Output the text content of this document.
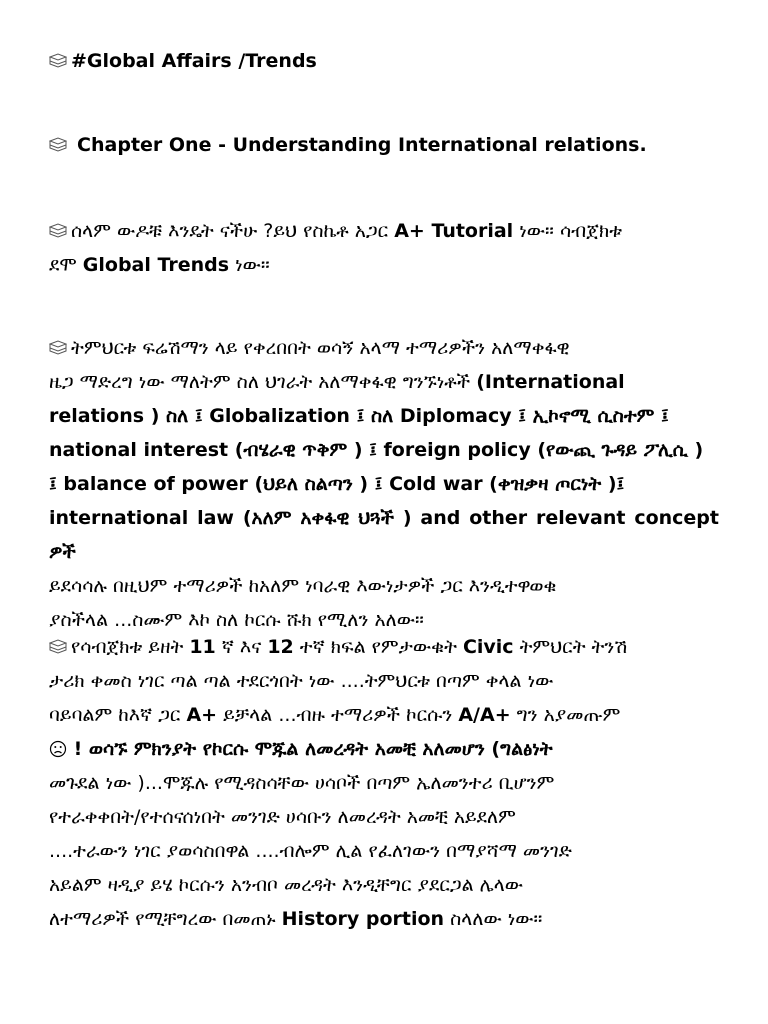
#Global Affairs /Trends
Chapter One - Understanding International relations.
ሰላም ውዶቹ እንዴት ናችሁ ?ይህ የስኬቶ አጋር A+ Tutorial ነው። ሳብጀክቱ
ደሞ Global Trends ነው።
ትምህርቱ ፍሬሽማን ላይ የቀረበበት ወሳኝ አላማ ተማሪዎችን አለማቀፋዊ
ዜጋ ማድረግ ነው ማለትም ስለ ህገራት አለማቀፋዊ ግንኙነቶች (International
relations ) ስለ ፤ Globalization ፤ ስለ Diplomacy ፤ ኢኮኖሚ ሲስተም ፤
national interest (ብሄራዊ ጥቅም ) ፤ foreign policy (የውጪ ጉዳይ ፖሊሲ )
፤ balance of power (ህይለ ስልጣን ) ፤ Cold war (ቀዝቃዛ ጦርነት )፤
international law (አለም አቀፋዊ ህጓች ) and other relevant concept ዎች
ይደሳሳሉ በዚህም ተማሪዎች ከአለም ነባራዊ እውነታዎች ጋር እንዲተዋወቁ
ያስችላል ...ስሙም እኮ ስለ ኮርሱ ሹክ የሚለን አለው።
የሳብጀክቱ ይዘት 11 ኛ እና 12 ተኛ ክፍል የምታውቁት Civic ትምህርት ትንሽ
ታሪክ ቀመስ ነገር ጣል ጣል ተደርጎበት ነው ....ትምህርቱ በጣም ቀላል ነው
ባይባልም ከእኛ ጋር A+ ይቻላል ...ብዙ ተማሪዎች ኮርሱን A/A+ ግን አያመጡም
! ወሳኙ ምክንያት የኮርሱ ሞጁል ለመረዳት አመቺ አለመሆን (ግልፅነት
መጉደል ነው )...ሞጁሉ የሚዳስሳቸው ሀሳቦች በጣም ኤለመንተሪ ቢሆንም
የተራቀቀበት/የተሰናሰነበት መንገድ ሀሳቡን ለመረዳት አመቺ አይደለም
....ተራውን ነገር ያወሳስበዋል ....ብሎም ሊል የፈለገውን በማያሻማ መንገድ
አይልም ዛዲያ ይሄ ኮርሱን አንብቦ መረዳት እንዲቸግር ያደርጋል ሌላው
ለተማሪዎች የሚቸግረው በመጠኑ History portion ስላለው ነው።
